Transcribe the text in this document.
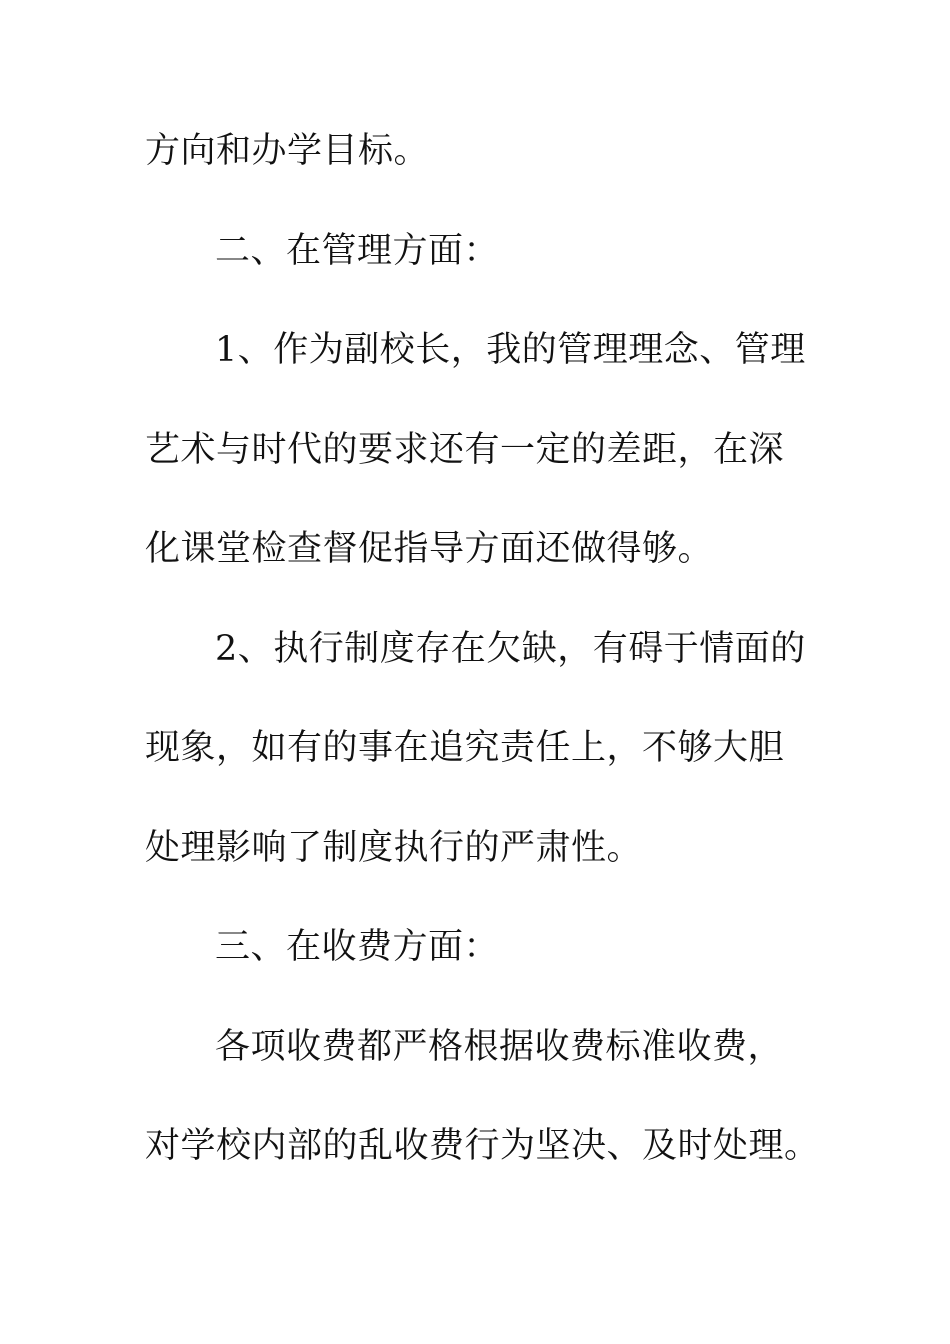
方向和办学目标。
二、在管理方面：
1、作为副校长，我的管理理念、管理
艺术与时代的要求还有一定的差距，在深
化课堂检查督促指导方面还做得够。
2、执行制度存在欠缺，有碍于情面的
现象，如有的事在追究责任上，不够大胆
处理影响了制度执行的严肃性。
三、在收费方面：
各项收费都严格根据收费标准收费，
对学校内部的乱收费行为坚决、及时处理。
